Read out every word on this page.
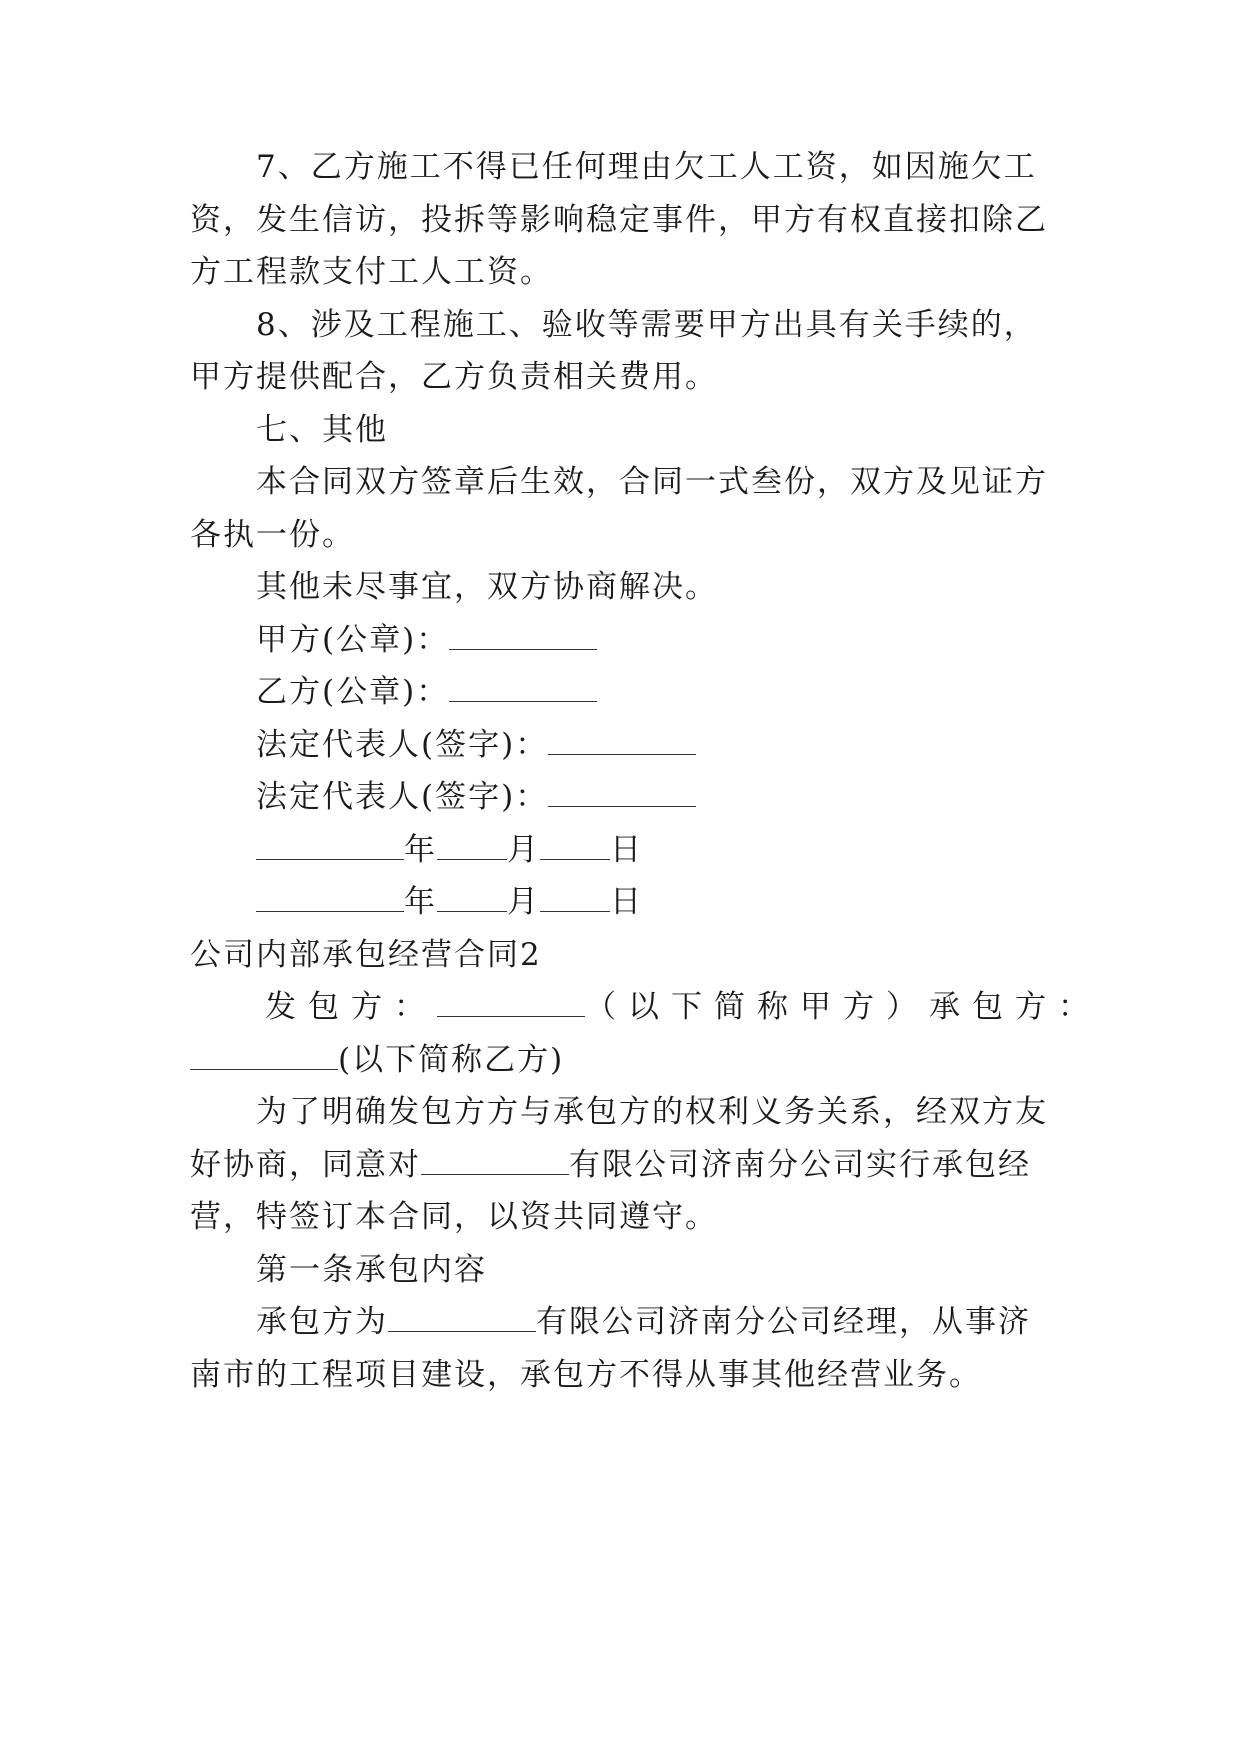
7、乙方施工不得已任何理由欠工人工资，如因施欠工
资，发生信访，投拆等影响稳定事件，甲方有权直接扣除乙
方工程款支付工人工资。
8、涉及工程施工、验收等需要甲方出具有关手续的，
甲方提供配合，乙方负责相关费用。
七、其他
本合同双方签章后生效，合同一式叁份，双方及见证方
各执一份。
其他未尽事宜，双方协商解决。
甲方(公章)：
乙方(公章)：
法定代表人(签字)：
法定代表人(签字)：
年 月 日
年 月 日
公司内部承包经营合同2
发包方：	（以下简称甲方）承包方：
(以下简称乙方)
为了明确发包方方与承包方的权利义务关系，经双方友
好协商，同意对	有限公司济南分公司实行承包经
营，特签订本合同，以资共同遵守。
第一条承包内容
承包方为	有限公司济南分公司经理，从事济
南市的工程项目建设，承包方不得从事其他经营业务。
